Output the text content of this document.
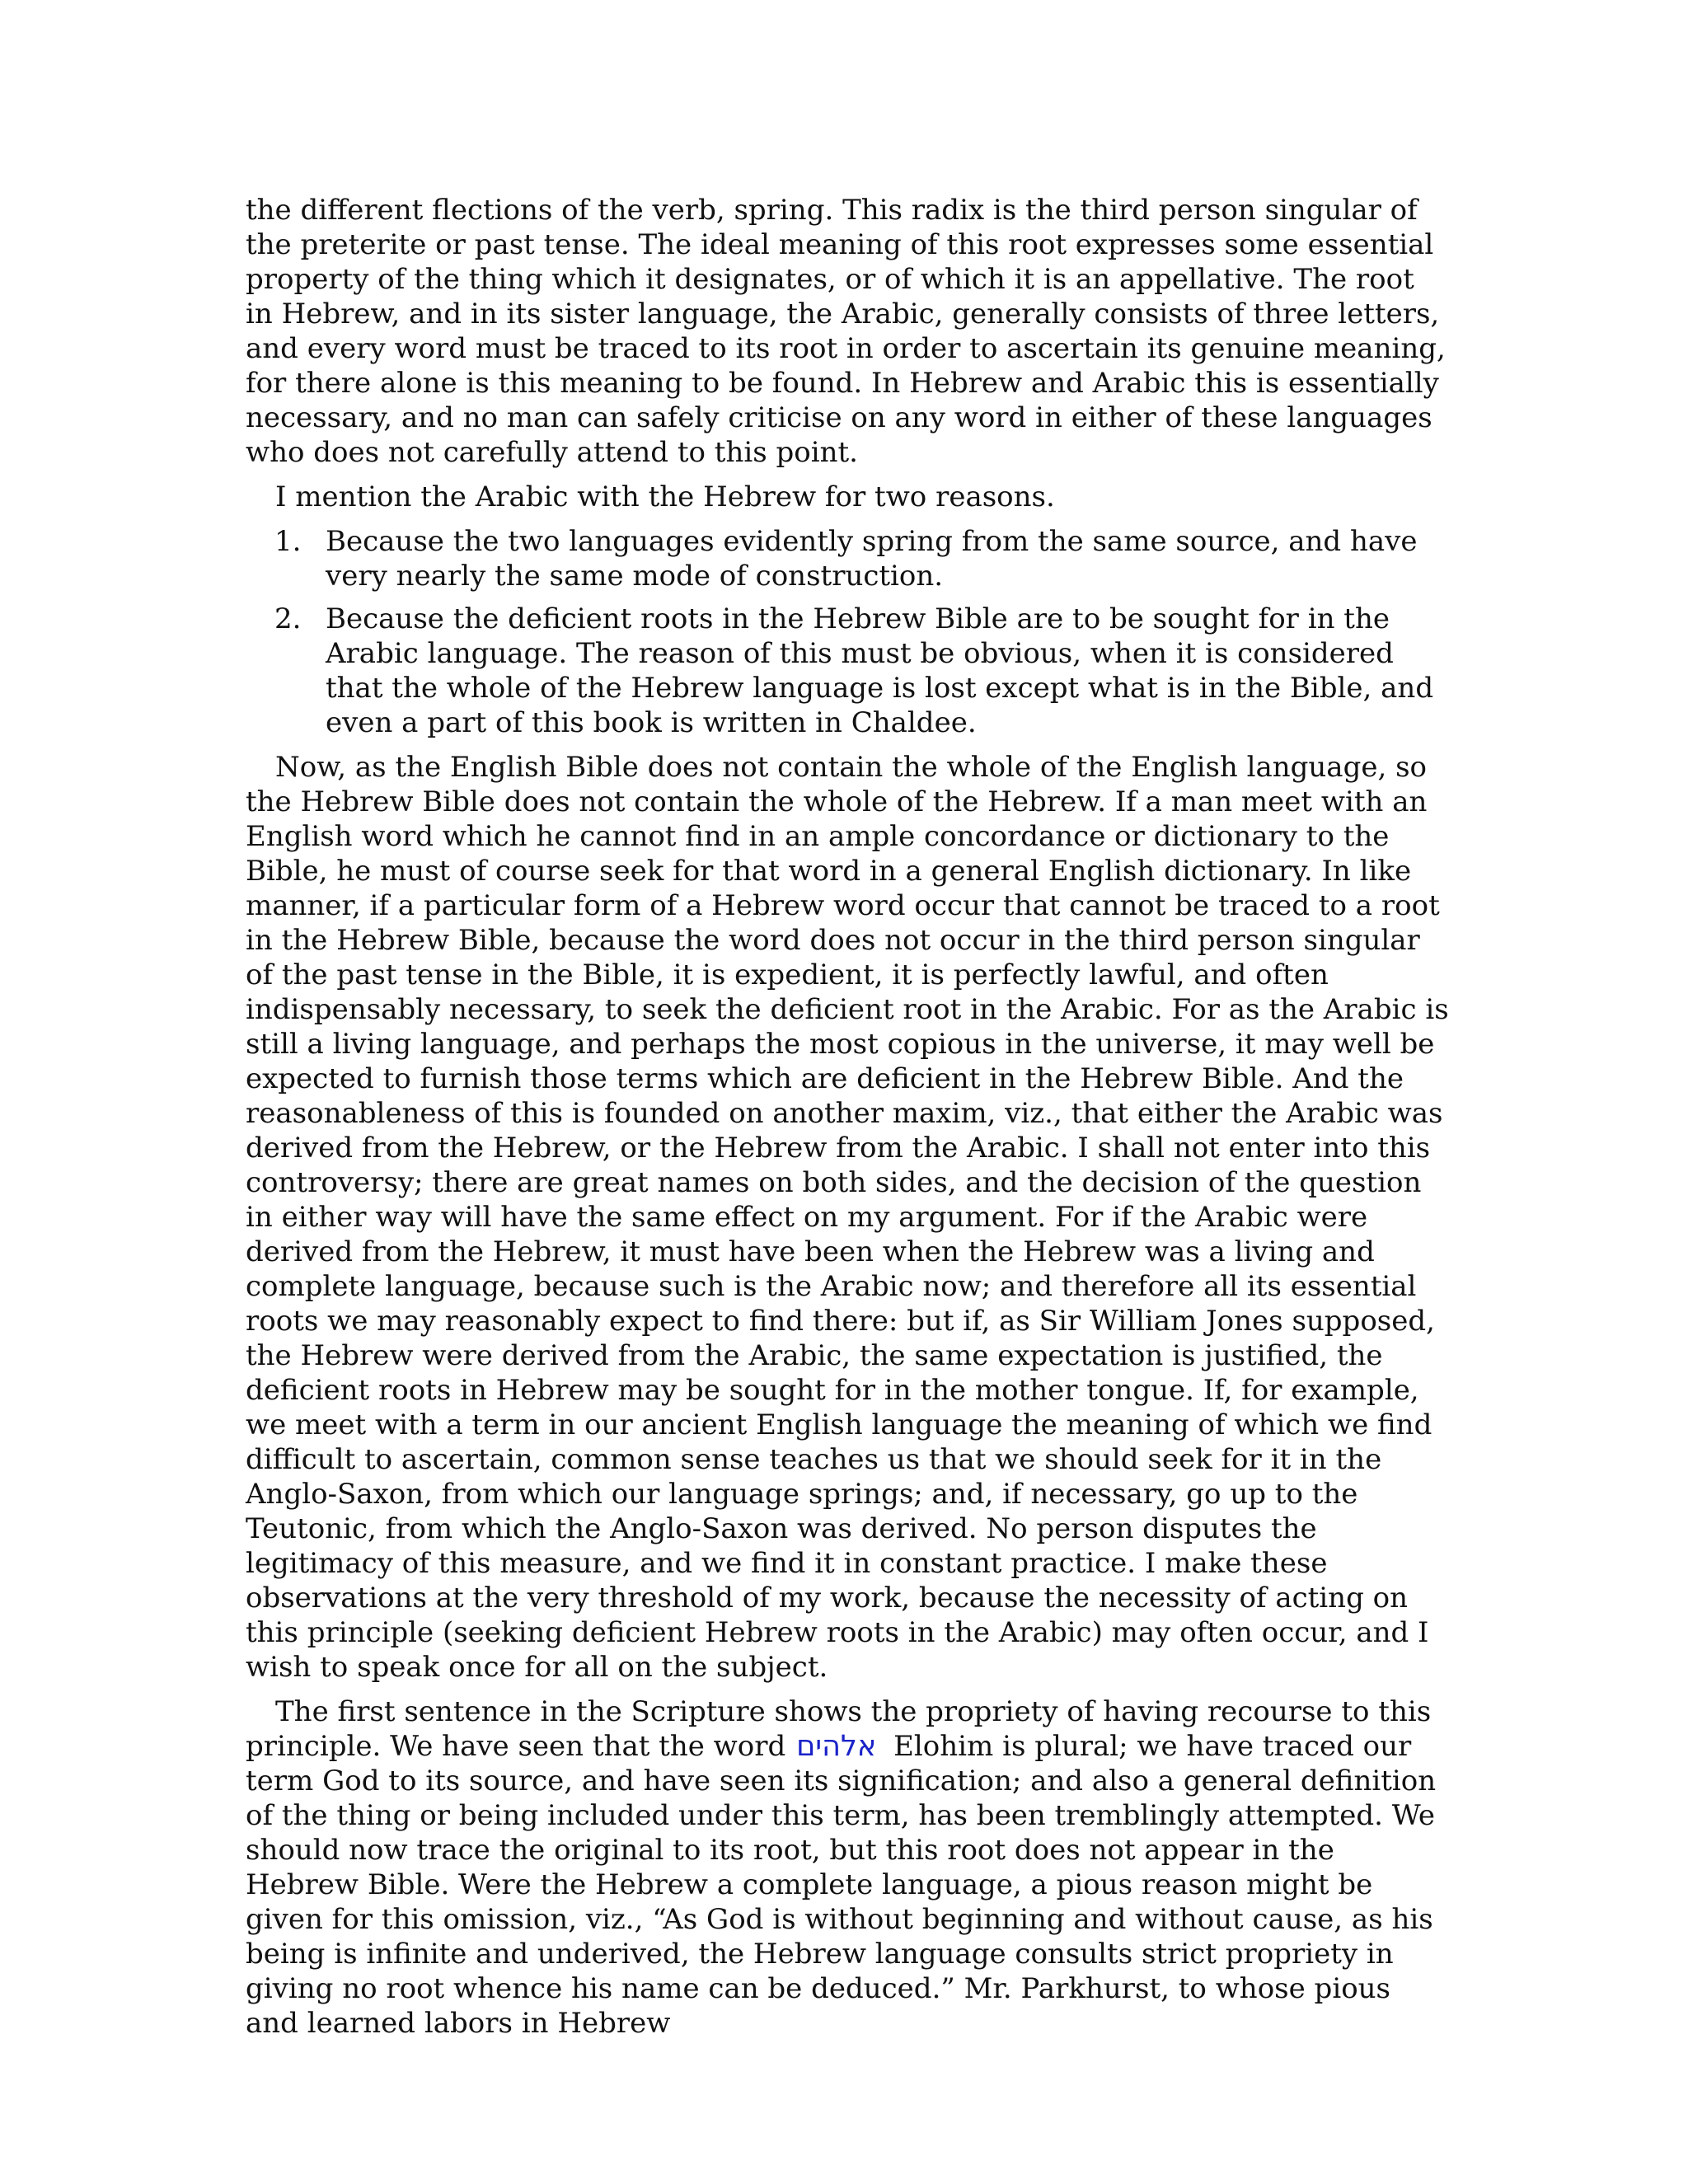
the different flections of the verb, spring. This radix is the third person singular of the preterite or past tense. The ideal meaning of this root expresses some essential property of the thing which it designates, or of which it is an appellative. The root in Hebrew, and in its sister language, the Arabic, generally consists of three letters, and every word must be traced to its root in order to ascertain its genuine meaning, for there alone is this meaning to be found. In Hebrew and Arabic this is essentially necessary, and no man can safely criticise on any word in either of these languages who does not carefully attend to this point.

I mention the Arabic with the Hebrew for two reasons.

1. Because the two languages evidently spring from the same source, and have very nearly the same mode of construction.
2. Because the deficient roots in the Hebrew Bible are to be sought for in the Arabic language. The reason of this must be obvious, when it is considered that the whole of the Hebrew language is lost except what is in the Bible, and even a part of this book is written in Chaldee.

Now, as the English Bible does not contain the whole of the English language, so the Hebrew Bible does not contain the whole of the Hebrew. If a man meet with an English word which he cannot find in an ample concordance or dictionary to the Bible, he must of course seek for that word in a general English dictionary. In like manner, if a particular form of a Hebrew word occur that cannot be traced to a root in the Hebrew Bible, because the word does not occur in the third person singular of the past tense in the Bible, it is expedient, it is perfectly lawful, and often indispensably necessary, to seek the deficient root in the Arabic. For as the Arabic is still a living language, and perhaps the most copious in the universe, it may well be expected to furnish those terms which are deficient in the Hebrew Bible. And the reasonableness of this is founded on another maxim, viz., that either the Arabic was derived from the Hebrew, or the Hebrew from the Arabic. I shall not enter into this controversy; there are great names on both sides, and the decision of the question in either way will have the same effect on my argument. For if the Arabic were derived from the Hebrew, it must have been when the Hebrew was a living and complete language, because such is the Arabic now; and therefore all its essential roots we may reasonably expect to find there: but if, as Sir William Jones supposed, the Hebrew were derived from the Arabic, the same expectation is justified, the deficient roots in Hebrew may be sought for in the mother tongue. If, for example, we meet with a term in our ancient English language the meaning of which we find difficult to ascertain, common sense teaches us that we should seek for it in the Anglo-Saxon, from which our language springs; and, if necessary, go up to the Teutonic, from which the Anglo-Saxon was derived. No person disputes the legitimacy of this measure, and we find it in constant practice. I make these observations at the very threshold of my work, because the necessity of acting on this principle (seeking deficient Hebrew roots in the Arabic) may often occur, and I wish to speak once for all on the subject.

The first sentence in the Scripture shows the propriety of having recourse to this principle. We have seen that the word אלהים Elohim is plural; we have traced our term God to its source, and have seen its signification; and also a general definition of the thing or being included under this term, has been tremblingly attempted. We should now trace the original to its root, but this root does not appear in the Hebrew Bible. Were the Hebrew a complete language, a pious reason might be given for this omission, viz., “As God is without beginning and without cause, as his being is infinite and underived, the Hebrew language consults strict propriety in giving no root whence his name can be deduced.” Mr. Parkhurst, to whose pious and learned labors in Hebrew
